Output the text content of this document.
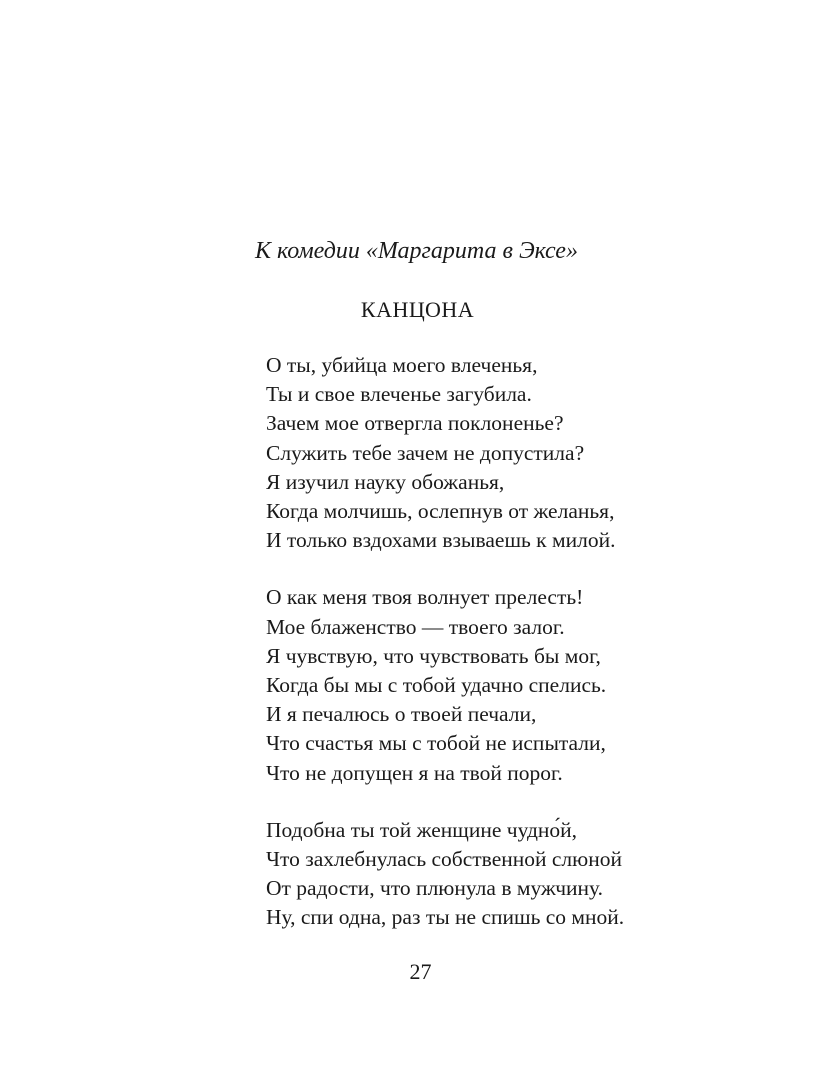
К комедии «Маргарита в Эксе»
КАНЦОНА
О ты, убийца моего влеченья,
Ты и свое влеченье загубила.
Зачем мое отвергла поклоненье?
Служить тебе зачем не допустила?
Я изучил науку обожанья,
Когда молчишь, ослепнув от желанья,
И только вздохами взываешь к милой.
О как меня твоя волнует прелесть!
Мое блаженство — твоего залог.
Я чувствую, что чувствовать бы мог,
Когда бы мы с тобой удачно спелись.
И я печалюсь о твоей печали,
Что счастья мы с тобой не испытали,
Что не допущен я на твой порог.
Подобна ты той женщине чудно́й,
Что захлебнулась собственной слюной
От радости, что плюнула в мужчину.
Ну, спи одна, раз ты не спишь со мной.
27
